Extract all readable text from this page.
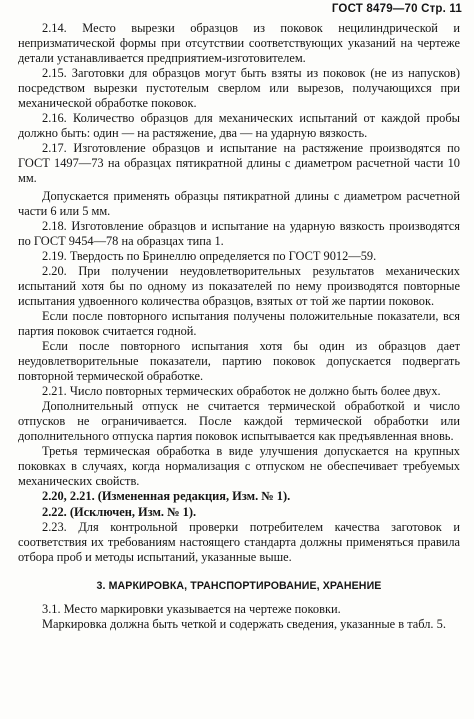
ГОСТ 8479—70 Стр. 11

2.14. Место вырезки образцов из поковок нецилиндрической и непризматической формы при отсутствии соответствующих указаний на чертеже детали устанавливается предприятием-изготовителем.

2.15. Заготовки для образцов могут быть взяты из поковок (не из напусков) посредством вырезки пустотелым сверлом или вырезов, получающихся при механической обработке поковок.

2.16. Количество образцов для механических испытаний от каждой пробы должно быть: один — на растяжение, два — на ударную вязкость.

2.17. Изготовление образцов и испытание на растяжение производятся по ГОСТ 1497—73 на образцах пятикратной длины с диаметром расчетной части 10 мм.

Допускается применять образцы пятикратной длины с диаметром расчетной части 6 или 5 мм.

2.18. Изготовление образцов и испытание на ударную вязкость производятся по ГОСТ 9454—78 на образцах типа 1.

2.19. Твердость по Бринеллю определяется по ГОСТ 9012—59.

2.20. При получении неудовлетворительных результатов механических испытаний хотя бы по одному из показателей по нему производятся повторные испытания удвоенного количества образцов, взятых от той же партии поковок.

Если после повторного испытания получены положительные показатели, вся партия поковок считается годной.

Если после повторного испытания хотя бы один из образцов дает неудовлетворительные показатели, партию поковок допускается подвергать повторной термической обработке.

2.21. Число повторных термических обработок не должно быть более двух.

Дополнительный отпуск не считается термической обработкой и число отпусков не ограничивается. После каждой термической обработки или дополнительного отпуска партия поковок испытывается как предъявленная вновь.

Третья термическая обработка в виде улучшения допускается на крупных поковках в случаях, когда нормализация с отпуском не обеспечивает требуемых механических свойств.

2.20, 2.21. (Измененная редакция, Изм. № 1).

2.22. (Исключен, Изм. № 1).

2.23. Для контрольной проверки потребителем качества заготовок и соответствия их требованиям настоящего стандарта должны применяться правила отбора проб и методы испытаний, указанные выше.

3. МАРКИРОВКА, ТРАНСПОРТИРОВАНИЕ, ХРАНЕНИЕ

3.1. Место маркировки указывается на чертеже поковки.

Маркировка должна быть четкой и содержать сведения, указанные в табл. 5.
